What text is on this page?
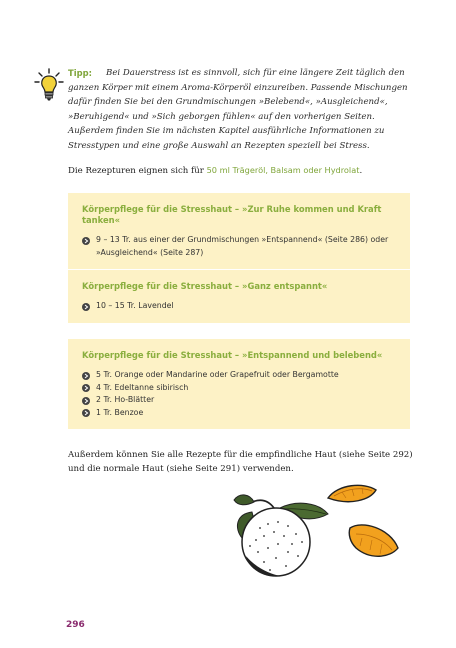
Tipp:	Bei Dauerstress ist es sinnvoll, sich für eine längere Zeit täglich den ganzen Körper mit einem Aroma-Körperöl einzureiben. Passende Mischungen dafür finden Sie bei den Grundmischungen »Belebend«, »Ausgleichend«, »Beruhigend« und »Sich geborgen fühlen« auf den vorherigen Seiten. Außerdem finden Sie im nächsten Kapitel ausführliche Informationen zu Stresstypen und eine große Auswahl an Rezepten speziell bei Stress.

Die Rezepturen eignen sich für 50 ml Trägeröl, Balsam oder Hydrolat.

Körperpflege für die Stresshaut – »Zur Ruhe kommen und Kraft tanken«
9 – 13 Tr. aus einer der Grundmischungen »Entspannend« (Seite 286) oder »Ausgleichend« (Seite 287)
Körperpflege für die Stresshaut – »Ganz entspannt«
10 – 15 Tr. Lavendel
Körperpflege für die Stresshaut – »Entspannend und belebend«
5 Tr. Orange oder Mandarine oder Grapefruit oder Bergamotte
4 Tr. Edeltanne sibirisch
2 Tr. Ho-Blätter
1 Tr. Benzoe

Außerdem können Sie alle Rezepte für die empfindliche Haut (siehe Seite 292) und die normale Haut (siehe Seite 291) verwenden.

296
